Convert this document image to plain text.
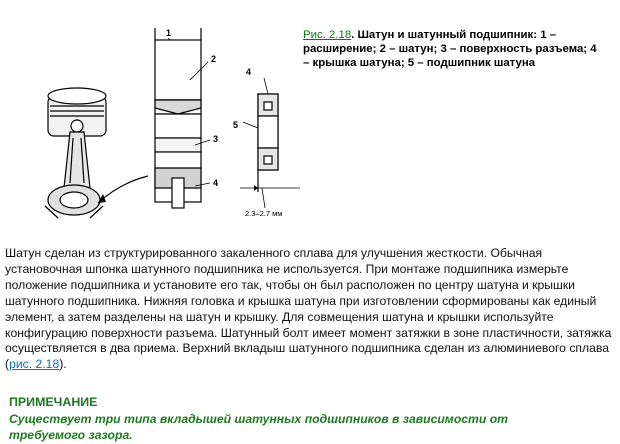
1
2
3
4
4
5
2.3–2.7 мм
Рис. 2.18. Шатун и шатунный подшипник: 1 – расширение; 2 – шатун; 3 – поверхность разъема; 4 – крышка шатуна; 5 – подшипник шатуна
Шатун сделан из структурированного закаленного сплава для улучшения жесткости. Обычная установочная шпонка шатунного подшипника не используется. При монтаже подшипника измерьте положение подшипника и установите его так, чтобы он был расположен по центру шатуна и крышки шатунного подшипника. Нижняя головка и крышка шатуна при изготовлении сформированы как единый элемент, а затем разделены на шатун и крышку. Для совмещения шатуна и крышки используйте конфигурацию поверхности разъема. Шатунный болт имеет момент затяжки в зоне пластичности, затяжка осуществляется в два приема. Верхний вкладыш шатунного подшипника сделан из алюминиевого сплава (рис. 2.18).
ПРИМЕЧАНИЕ
Существует три типа вкладышей шатунных подшипников в зависимости от требуемого зазора.
